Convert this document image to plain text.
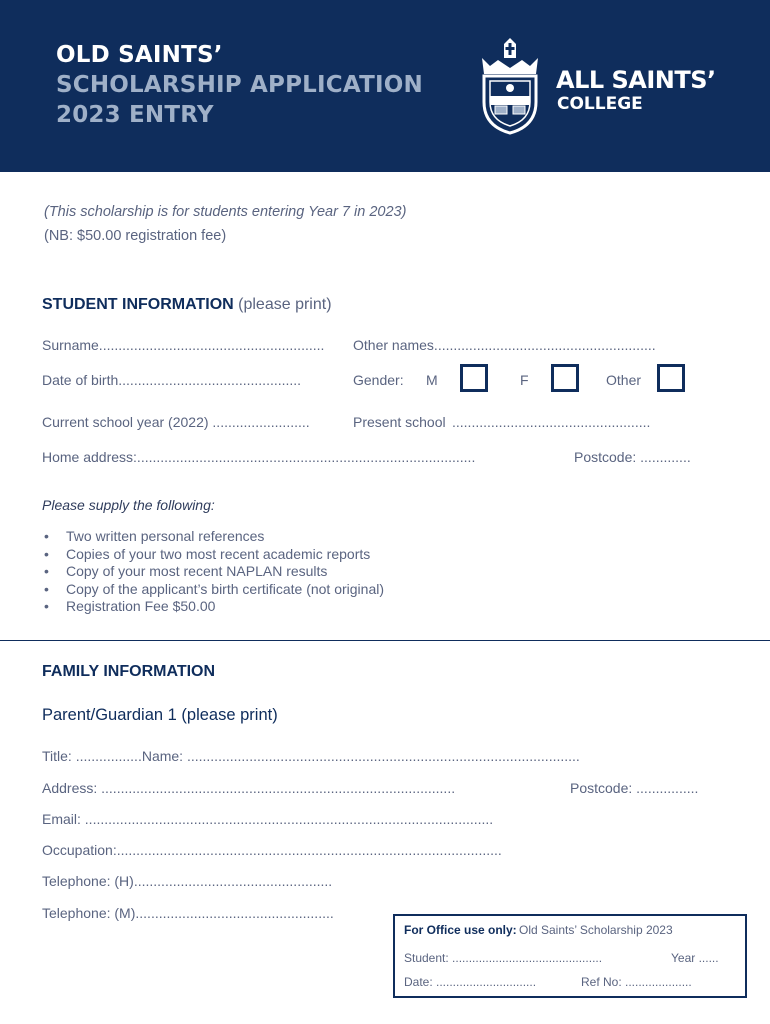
OLD SAINTS’
SCHOLARSHIP APPLICATION
2023 ENTRY
ALL SAINTS’
COLLEGE
(This scholarship is for students entering Year 7 in 2023)
(NB: $50.00 registration fee)
STUDENT INFORMATION (please print)
Surname.......................................................... Other names.........................................................
Date of birth...............................................	Gender: M	F	Other
Current school year (2022) .........................	Present school ...................................................
Home address:.......................................................................................	Postcode: .............
Please supply the following:
• Two written personal references
• Copies of your two most recent academic reports
• Copy of your most recent NAPLAN results
• Copy of the applicant’s birth certificate (not original)
• Registration Fee $50.00
FAMILY INFORMATION
Parent/Guardian 1 (please print)
Title: .................Name: .....................................................................................................
Address: ...........................................................................................	Postcode: ................
Email: .........................................................................................................
Occupation:...................................................................................................
Telephone: (H)...................................................
Telephone: (M)...................................................
For Office use only: Old Saints’ Scholarship 2023
Student: .............................................	Year ......
Date: ..............................	Ref No: ....................
